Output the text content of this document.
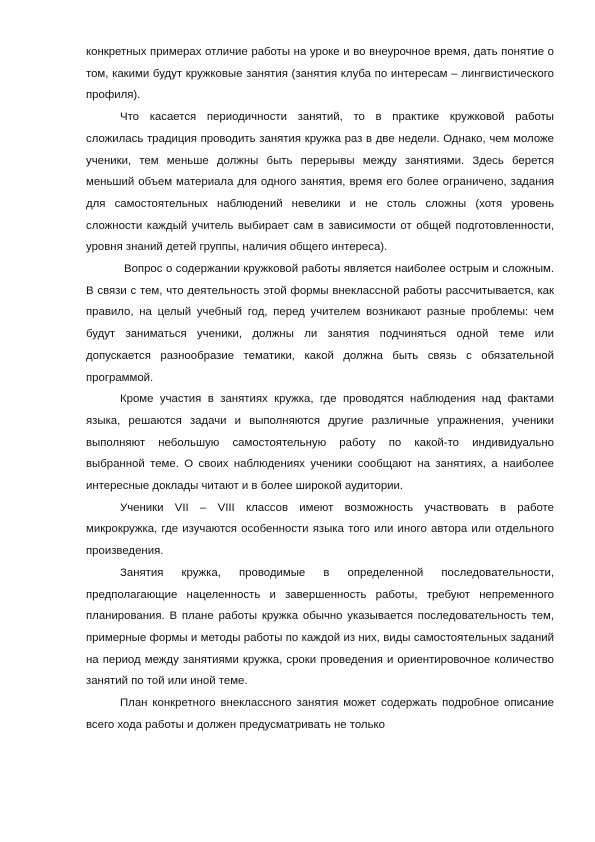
конкретных примерах отличие работы на уроке и во внеурочное время, дать понятие о том, какими будут кружковые занятия (занятия клуба по интересам – лингвистического профиля).

Что касается периодичности занятий, то в практике кружковой работы сложилась традиция проводить занятия кружка раз в две недели. Однако, чем моложе ученики, тем меньше должны быть перерывы между занятиями. Здесь берется меньший объем материала для одного занятия, время его более ограничено, задания для самостоятельных наблюдений невелики и не столь сложны (хотя уровень сложности каждый учитель выбирает сам в зависимости от общей подготовленности, уровня знаний детей группы, наличия общего интереса).

Вопрос о содержании кружковой работы является наиболее острым и сложным. В связи с тем, что деятельность этой формы внеклассной работы рассчитывается, как правило, на целый учебный год, перед учителем возникают разные проблемы: чем будут заниматься ученики, должны ли занятия подчиняться одной теме или допускается разнообразие тематики, какой должна быть связь с обязательной программой.

Кроме участия в занятиях кружка, где проводятся наблюдения над фактами языка, решаются задачи и выполняются другие различные упражнения, ученики выполняют небольшую самостоятельную работу по какой-то индивидуально выбранной теме. О своих наблюдениях ученики сообщают на занятиях, а наиболее интересные доклады читают и в более широкой аудитории.

Ученики VII – VIII классов имеют возможность участвовать в работе микрокружка, где изучаются особенности языка того или иного автора или отдельного произведения.

Занятия кружка, проводимые в определенной последовательности, предполагающие нацеленность и завершенность работы, требуют непременного планирования. В плане работы кружка обычно указывается последовательность тем, примерные формы и методы работы по каждой из них, виды самостоятельных заданий на период между занятиями кружка, сроки проведения и ориентировочное количество занятий по той или иной теме.

План конкретного внеклассного занятия может содержать подробное описание всего хода работы и должен предусматривать не только
